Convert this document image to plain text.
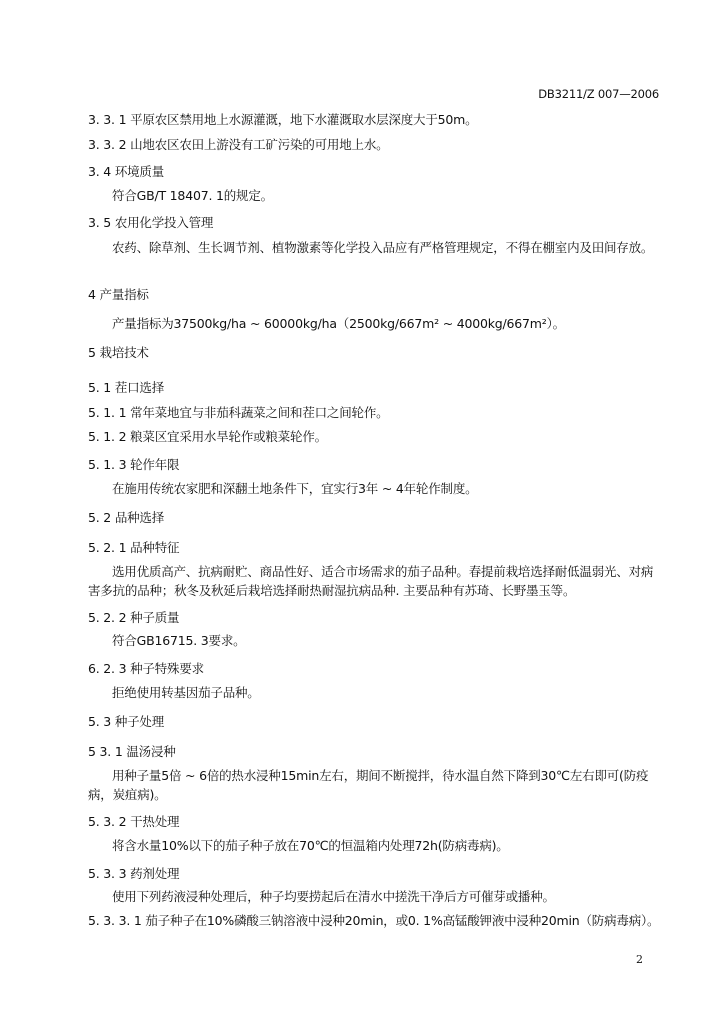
DB3211/Z 007—2006
3. 3. 1 平原农区禁用地上水源灌溉，地下水灌溉取水层深度大于50m。
3. 3. 2 山地农区农田上游没有工矿污染的可用地上水。
3. 4 环境质量
符合GB/T 18407. 1的规定。
3. 5 农用化学投入管理
农药、除草剂、生长调节剂、植物激素等化学投入品应有严格管理规定，不得在棚室内及田间存放。
4 产量指标
产量指标为37500kg/ha ~ 60000kg/ha（2500kg/667m² ~ 4000kg/667m²）。
5 栽培技术
5. 1 茬口选择
5. 1. 1 常年菜地宜与非茄科蔬菜之间和茬口之间轮作。
5. 1. 2 粮菜区宜采用水旱轮作或粮菜轮作。
5. 1. 3 轮作年限
在施用传统农家肥和深翻土地条件下，宜实行3年 ~ 4年轮作制度。
5. 2 品种选择
5. 2. 1 品种特征
选用优质高产、抗病耐贮、商品性好、适合市场需求的茄子品种。春提前栽培选择耐低温弱光、对病害多抗的品种；秋冬及秋延后栽培选择耐热耐湿抗病品种. 主要品种有苏琦、长野墨玉等。
5. 2. 2 种子质量
符合GB16715. 3要求。
6. 2. 3 种子特殊要求
拒绝使用转基因茄子品种。
5. 3 种子处理
5 3. 1 温汤浸种
用种子量5倍 ~ 6倍的热水浸种15min左右，期间不断搅拌，待水温自然下降到30℃左右即可(防疫病，炭疽病)。
5. 3. 2 干热处理
将含水量10%以下的茄子种子放在70℃的恒温箱内处理72h(防病毒病)。
5. 3. 3 药剂处理
使用下列药液浸种处理后，种子均要捞起后在清水中搓洗干净后方可催芽或播种。
5. 3. 3. 1 茄子种子在10%磷酸三钠溶液中浸种20min，或0. 1%高锰酸钾液中浸种20min（防病毒病）。
2
